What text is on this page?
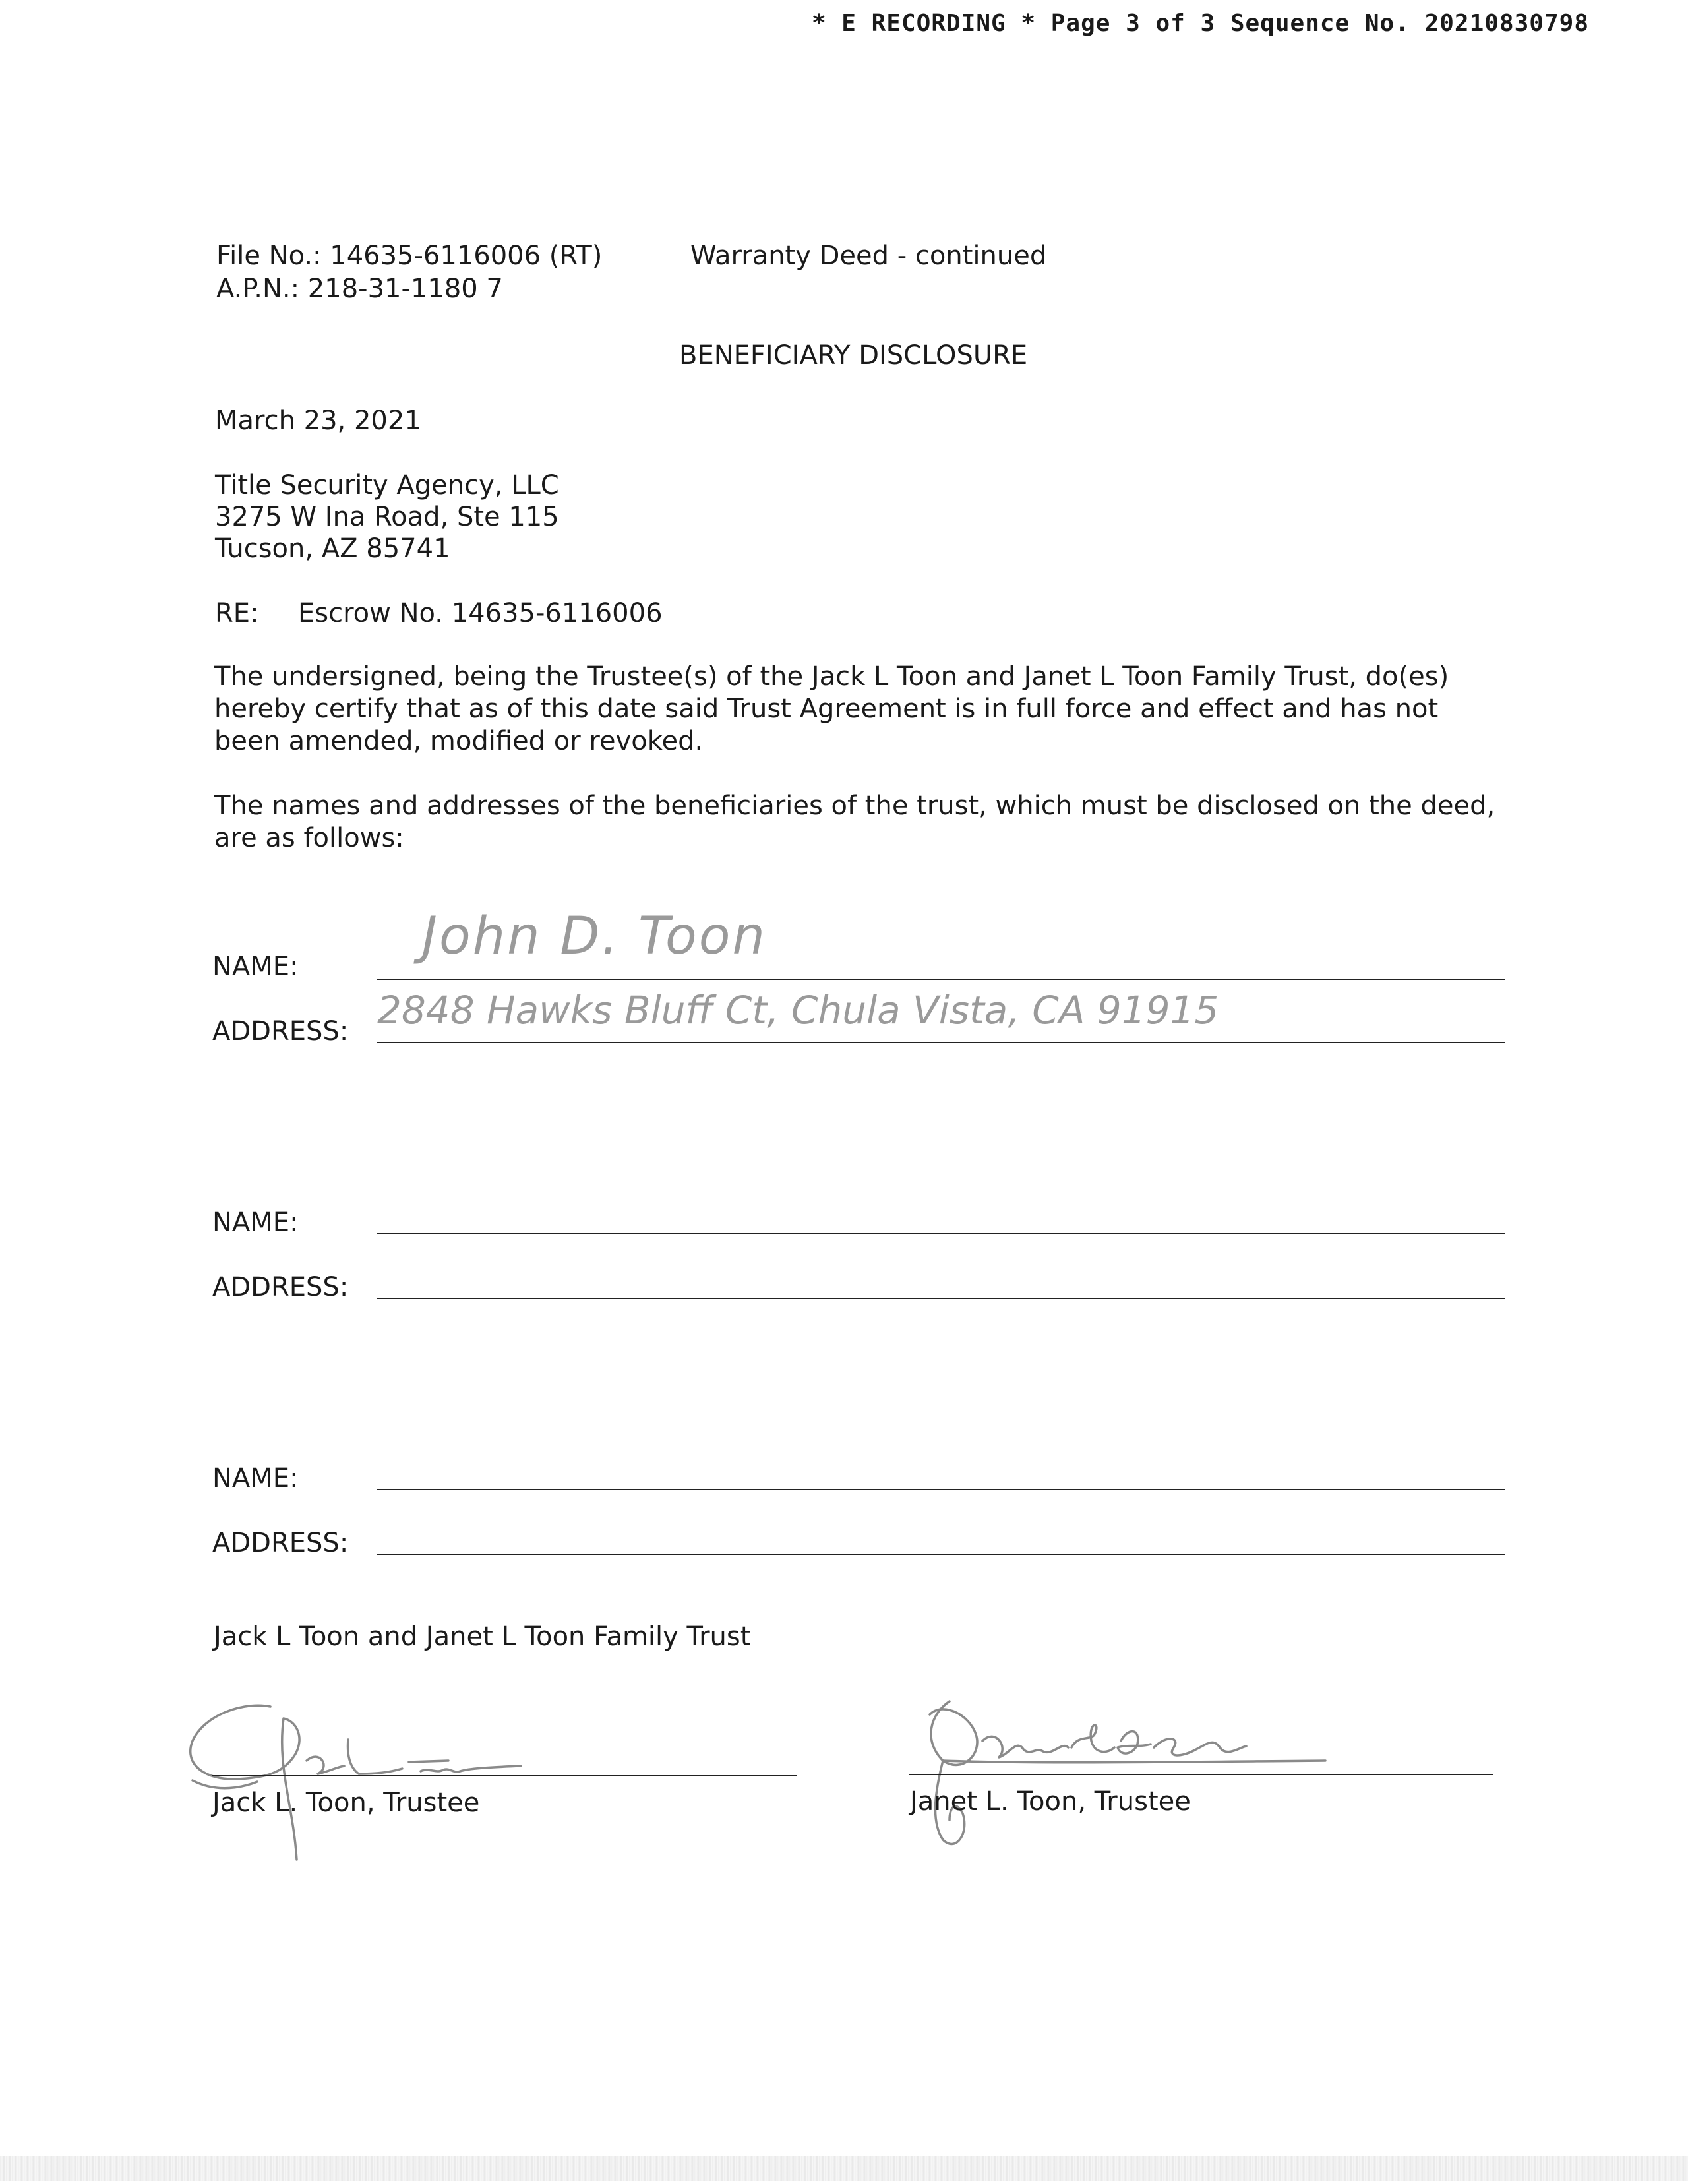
* E RECORDING * Page 3 of 3 Sequence No. 20210830798
File No.: 14635-6116006 (RT)
A.P.N.: 218-31-1180 7
Warranty Deed - continued
BENEFICIARY DISCLOSURE
March 23, 2021
Title Security Agency, LLC
3275 W Ina Road, Ste 115
Tucson, AZ 85741
RE: Escrow No. 14635-6116006
The undersigned, being the Trustee(s) of the Jack L Toon and Janet L Toon Family Trust, do(es) hereby certify that as of this date said Trust Agreement is in full force and effect and has not been amended, modified or revoked.
The names and addresses of the beneficiaries of the trust, which must be disclosed on the deed, are as follows:
NAME:
John D. Toon
ADDRESS: 2848 Hawks Bluff Ct, Chula Vista, CA 91915
NAME:
ADDRESS:
NAME:
ADDRESS:
Jack L Toon and Janet L Toon Family Trust
Jack L. Toon, Trustee	Janet L. Toon, Trustee
